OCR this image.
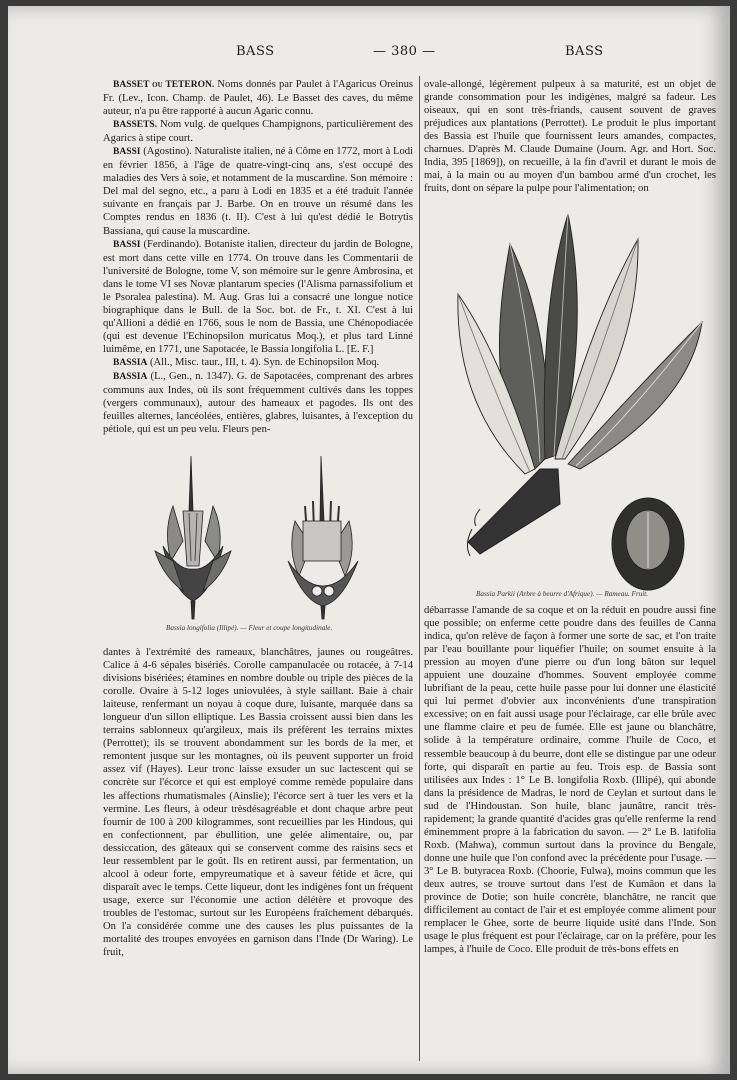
BASS	— 380 —	BASS

BASSET ou TETERON. Noms donnés par Paulet à l'Agaricus Oreinus Fr. (Lev., Icon. Champ. de Paulet, 46). Le Basset des caves, du même auteur, n'a pu être rapporté à aucun Agaric connu.

BASSETS. Nom vulg. de quelques Champignons, particulièrement des Agarics à stipe court.

BASSI (Agostino). Naturaliste italien, né à Côme en 1772, mort à Lodi en février 1856, à l'âge de quatre-vingt-cinq ans, s'est occupé des maladies des Vers à soie, et notamment de la muscardine. Son mémoire : Del mal del segno, etc., a paru à Lodi en 1835 et a été traduit l'année suivante en français par J. Barbe. On en trouve un résumé dans les Comptes rendus en 1836 (t. II). C'est à lui qu'est dédié le Botrytis Bassiana, qui cause la muscardine.

BASSI (Ferdinando). Botaniste italien, directeur du jardin de Bologne, est mort dans cette ville en 1774. On trouve dans les Commentarii de l'université de Bologne, tome V, son mémoire sur le genre Ambrosina, et dans le tome VI ses Novæ plantarum species (l'Alisma parnassifolium et le Psoralea palestina). M. Aug. Gras lui a consacré une longue notice biographique dans le Bull. de la Soc. bot. de Fr., t. XI. C'est à lui qu'Allioni a dédié en 1766, sous le nom de Bassia, une Chénopodiacée (qui est devenue l'Echinopsilon muricatus Moq.), et plus tard Linné luimême, en 1771, une Sapotacée, le Bassia longifolia L. [E. F.]

BASSIA (All., Misc. taur., III, t. 4). Syn. de Echinopsilon Moq.

BASSIA (L., Gen., n. 1347). G. de Sapotacées, comprenant des arbres communs aux Indes, où ils sont fréquemment cultivés dans les toppes (vergers communaux), autour des hameaux et pagodes. Ils ont des feuilles alternes, lancéolées, entières, glabres, luisantes, à l'exception du pétiole, qui est un peu velu. Fleurs pen-

Bassia longifolia (Illipé). — Fleur et coupe longitudinale.

dantes à l'extrémité des rameaux, blanchâtres, jaunes ou rougeâtres. Calice à 4-6 sépales bisériés. Corolle campanulacée ou rotacée, à 7-14 divisions bisériées; étamines en nombre double ou triple des pièces de la corolle. Ovaire à 5-12 loges uniovulées, à style saillant. Baie à chair laiteuse, renfermant un noyau à coque dure, luisante, marquée dans sa longueur d'un sillon elliptique. Les Bassia croissent aussi bien dans les terrains sablonneux qu'argileux, mais ils préfèrent les terrains mixtes (Perrottet); ils se trouvent abondamment sur les bords de la mer, et remontent jusque sur les montagnes, où ils peuvent supporter un froid assez vif (Hayes). Leur tronc laisse exsuder un suc lactescent qui se concrète sur l'écorce et qui est employé comme remède populaire dans les affections rhumatismales (Ainslie); l'écorce sert à tuer les vers et la vermine. Les fleurs, à odeur trèsdésagréable et dont chaque arbre peut fournir de 100 à 200 kilogrammes, sont recueillies par les Hindous, qui en confectionnent, par ébullition, une gelée alimentaire, ou, par dessiccation, des gâteaux qui se conservent comme des raisins secs et leur ressemblent par le goût. Ils en retirent aussi, par fermentation, un alcool à odeur forte, empyreumatique et à saveur fétide et âcre, qui disparaît avec le temps. Cette liqueur, dont les indigènes font un fréquent usage, exerce sur l'économie une action délétère et provoque des troubles de l'estomac, surtout sur les Européens fraîchement débarqués. On l'a considérée comme une des causes les plus puissantes de la mortalité des troupes envoyées en garnison dans l'Inde (Dr Waring). Le fruit,

ovale-allongé, légèrement pulpeux à sa maturité, est un objet de grande consommation pour les indigènes, malgré sa fadeur. Les oiseaux, qui en sont très-friands, causent souvent de graves préjudices aux plantations (Perrottet). Le produit le plus important des Bassia est l'huile que fournissent leurs amandes, compactes, charnues. D'après M. Claude Dumaine (Journ. Agr. and Hort. Soc. India, 395 [1869]), on recueille, à la fin d'avril et durant le mois de mai, à la main ou au moyen d'un bambou armé d'un crochet, les fruits, dont on sépare la pulpe pour l'alimentation; on

Bassia Parkii (Arbre à beurre d'Afrique). — Rameau. Fruit.

débarrasse l'amande de sa coque et on la réduit en poudre aussi fine que possible; on enferme cette poudre dans des feuilles de Canna indica, qu'on relève de façon à former une sorte de sac, et l'on traite par l'eau bouillante pour liquéfier l'huile; on soumet ensuite à la pression au moyen d'une pierre ou d'un long bâton sur lequel appuient une douzaine d'hommes. Souvent employée comme lubrifiant de la peau, cette huile passe pour lui donner une élasticité qui lui permet d'obvier aux inconvénients d'une transpiration excessive; on en fait aussi usage pour l'éclairage, car elle brûle avec une flamme claire et peu de fumée. Elle est jaune ou blanchâtre, solide à la température ordinaire, comme l'huile de Coco, et ressemble beaucoup à du beurre, dont elle se distingue par une odeur forte, qui disparaît en partie au feu. Trois esp. de Bassia sont utilisées aux Indes : 1° Le B. longifolia Roxb. (Illipé), qui abonde dans la présidence de Madras, le nord de Ceylan et surtout dans le sud de l'Hindoustan. Son huile, blanc jaunâtre, rancit très-rapidement; la grande quantité d'acides gras qu'elle renferme la rend éminemment propre à la fabrication du savon. — 2° Le B. latifolia Roxb. (Mahwa), commun surtout dans la province du Bengale, donne une huile que l'on confond avec la précédente pour l'usage. — 3° Le B. butyracea Roxb. (Choorie, Fulwa), moins commun que les deux autres, se trouve surtout dans l'est de Kumâon et dans la province de Dotie; son huile concrète, blanchâtre, ne rancit que difficilement au contact de l'air et est employée comme aliment pour remplacer le Ghee, sorte de beurre liquide usité dans l'Inde. Son usage le plus fréquent est pour l'éclairage, car on la préfère, pour les lampes, à l'huile de Coco. Elle produit de très-bons effets en
